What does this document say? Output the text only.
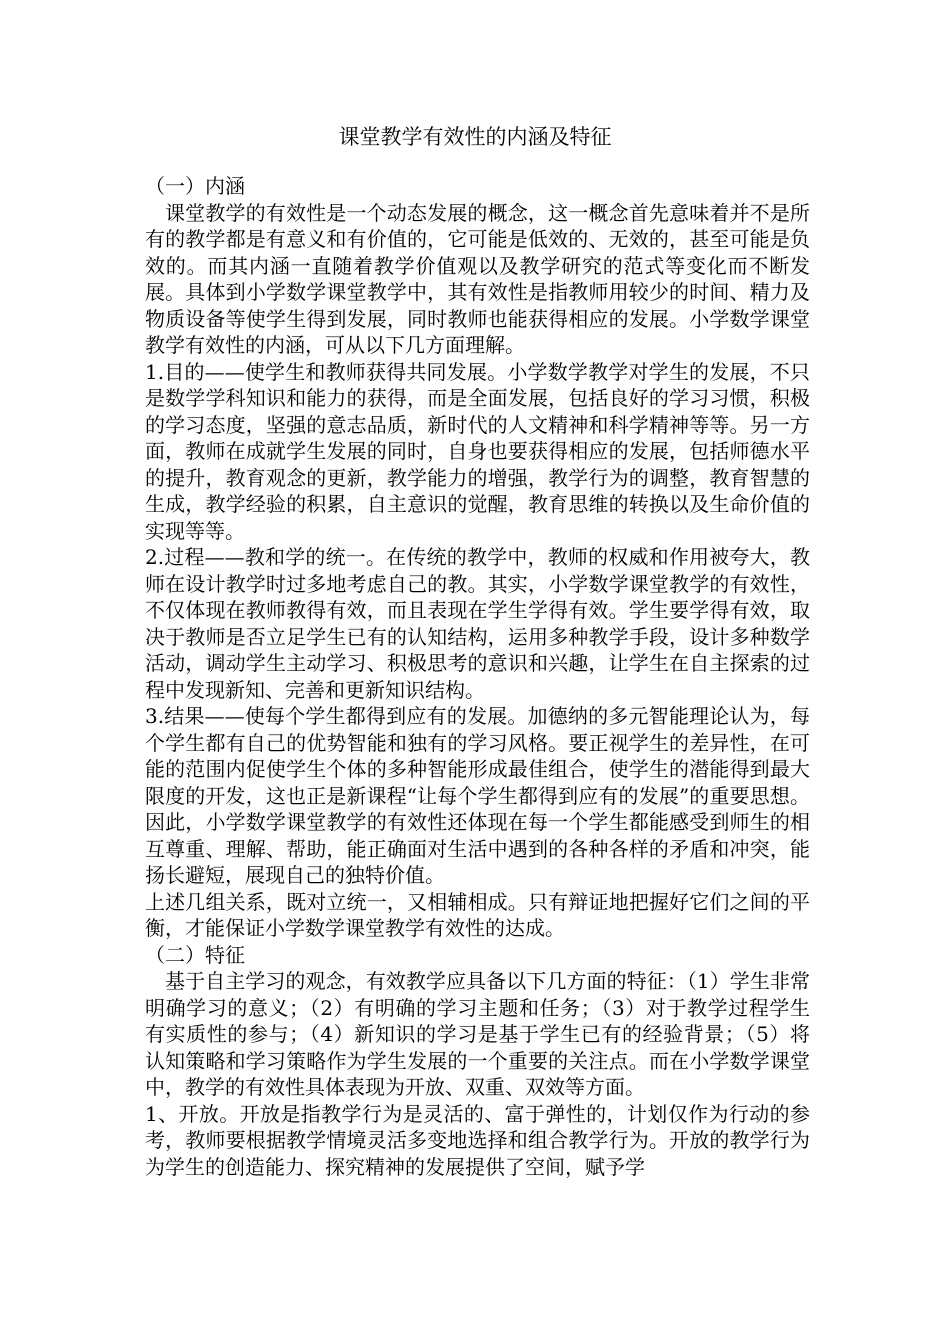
课堂教学有效性的内涵及特征

（一）内涵

课堂教学的有效性是一个动态发展的概念，这一概念首先意味着并不是所有的教学都是有意义和有价值的，它可能是低效的、无效的，甚至可能是负效的。而其内涵一直随着教学价值观以及教学研究的范式等变化而不断发展。具体到小学数学课堂教学中，其有效性是指教师用较少的时间、精力及物质设备等使学生得到发展，同时教师也能获得相应的发展。小学数学课堂教学有效性的内涵，可从以下几方面理解。

1.目的——使学生和教师获得共同发展。小学数学教学对学生的发展，不只是数学学科知识和能力的获得，而是全面发展，包括良好的学习习惯，积极的学习态度，坚强的意志品质，新时代的人文精神和科学精神等等。另一方面，教师在成就学生发展的同时，自身也要获得相应的发展，包括师德水平的提升，教育观念的更新，教学能力的增强，教学行为的调整，教育智慧的生成，教学经验的积累，自主意识的觉醒，教育思维的转换以及生命价值的实现等等。

2.过程——教和学的统一。在传统的教学中，教师的权威和作用被夸大，教师在设计教学时过多地考虑自己的教。其实，小学数学课堂教学的有效性，不仅体现在教师教得有效，而且表现在学生学得有效。学生要学得有效，取决于教师是否立足学生已有的认知结构，运用多种教学手段，设计多种数学活动，调动学生主动学习、积极思考的意识和兴趣，让学生在自主探索的过程中发现新知、完善和更新知识结构。

3.结果——使每个学生都得到应有的发展。加德纳的多元智能理论认为，每个学生都有自己的优势智能和独有的学习风格。要正视学生的差异性，在可能的范围内促使学生个体的多种智能形成最佳组合，使学生的潜能得到最大限度的开发，这也正是新课程“让每个学生都得到应有的发展”的重要思想。因此，小学数学课堂教学的有效性还体现在每一个学生都能感受到师生的相互尊重、理解、帮助，能正确面对生活中遇到的各种各样的矛盾和冲突，能扬长避短，展现自己的独特价值。

上述几组关系，既对立统一，又相辅相成。只有辩证地把握好它们之间的平衡，才能保证小学数学课堂教学有效性的达成。

（二）特征

基于自主学习的观念，有效教学应具备以下几方面的特征：（1）学生非常明确学习的意义；（2）有明确的学习主题和任务；（3）对于教学过程学生有实质性的参与；（4）新知识的学习是基于学生已有的经验背景；（5）将认知策略和学习策略作为学生发展的一个重要的关注点。而在小学数学课堂中，教学的有效性具体表现为开放、双重、双效等方面。

1、开放。开放是指教学行为是灵活的、富于弹性的，计划仅作为行动的参考，教师要根据教学情境灵活多变地选择和组合教学行为。开放的教学行为为学生的创造能力、探究精神的发展提供了空间，赋予学
